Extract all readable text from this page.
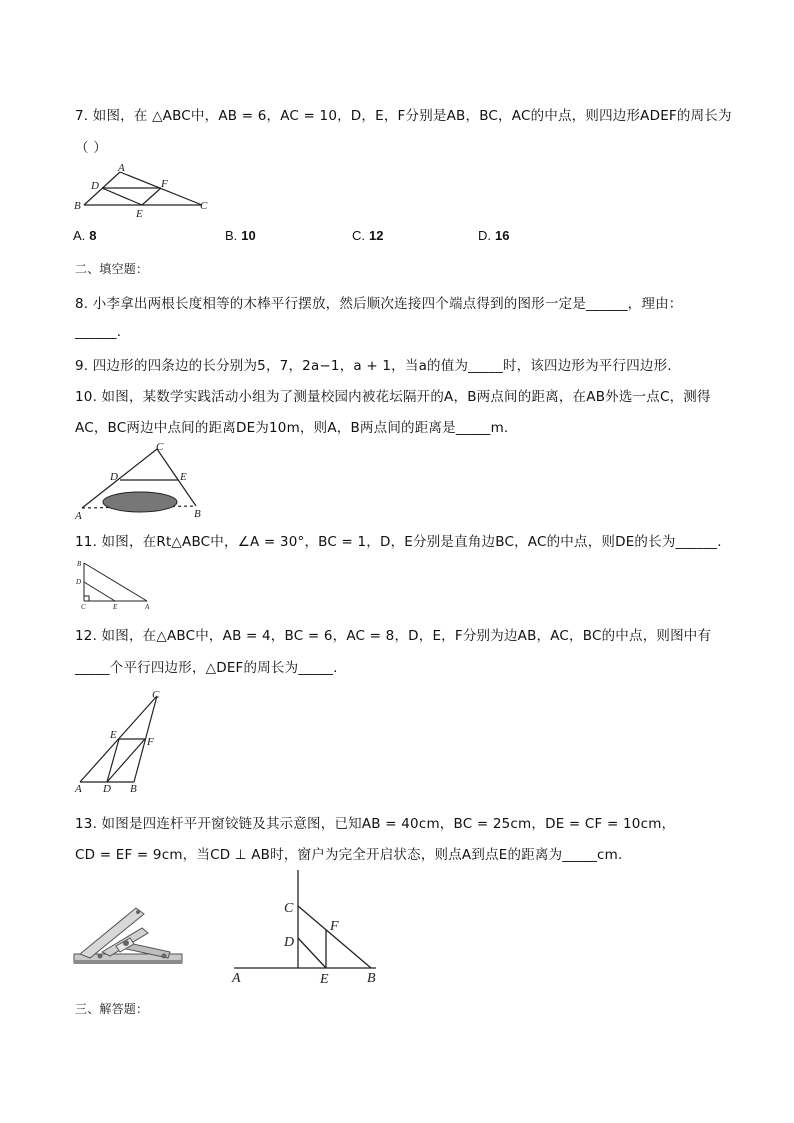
7. 如图，在 △ABC中，AB = 6，AC = 10，D，E，F分别是AB，BC，AC的中点，则四边形ADEF的周长为
（ ）
A
B	C
D
E
F
A. 8	B. 10	C. 12	D. 16
二、填空题：
8. 小李拿出两根长度相等的木棒平行摆放，然后顺次连接四个端点得到的图形一定是______，理由：
______.
9. 四边形的四条边的长分别为5，7，2a−1，a + 1，当a的值为_____时，该四边形为平行四边形.
10. 如图，某数学实践活动小组为了测量校园内被花坛隔开的A，B两点间的距离，在AB外选一点C，测得
AC，BC两边中点间的距离DE为10m，则A，B两点间的距离是_____m.
C
D	E
A	B
11. 如图，在Rt△ABC中，∠A = 30°，BC = 1，D，E分别是直角边BC，AC的中点，则DE的长为______.
B
D
C	E	A
12. 如图，在△ABC中，AB = 4，BC = 6，AC = 8，D，E，F分别为边AB，AC，BC的中点，则图中有
_____个平行四边形，△DEF的周长为_____.
C
E
F
A D B
13. 如图是四连杆平开窗铰链及其示意图，已知AB = 40cm，BC = 25cm，DE = CF = 10cm，
CD = EF = 9cm，当CD ⊥ AB时，窗户为完全开启状态，则点A到点E的距离为_____cm.
C
F
D
A	E	B
三、解答题：
